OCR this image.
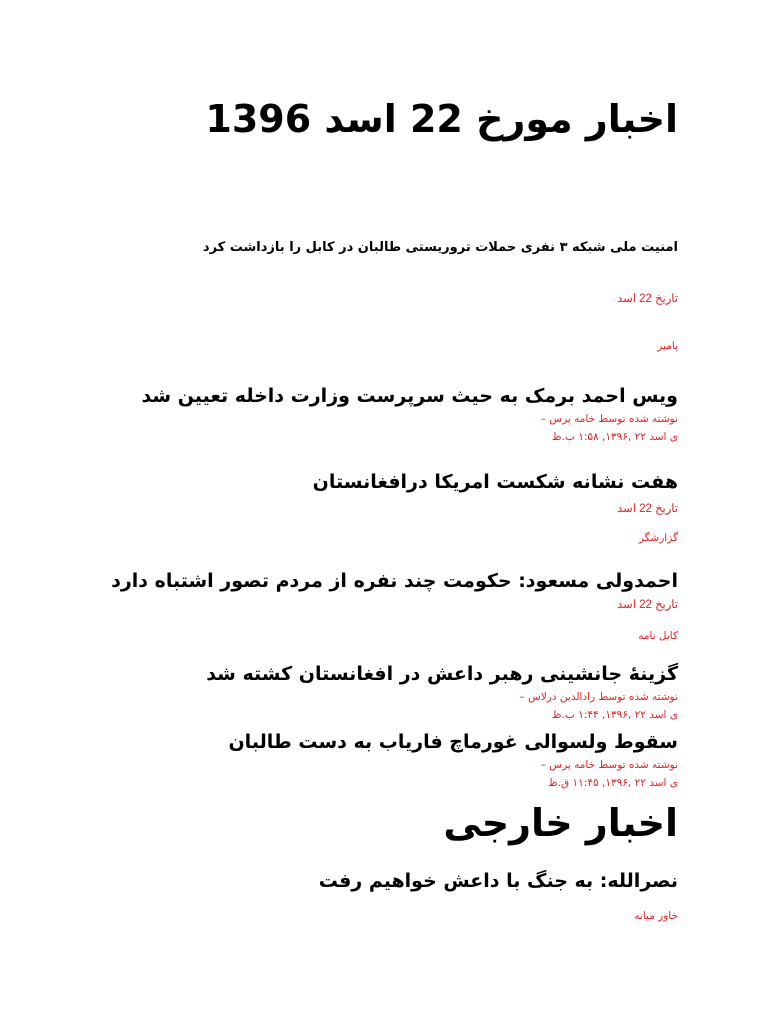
اخبار مورخ 22 اسد 1396
امنیت ملی شبکه ۳ نفری حملات تروریستی طالبان در کابل را بازداشت کرد
تاریخ 22 اسد
پامیر
ویس احمد برمک به حیث سرپرست وزارت داخله تعیین شد
نوشته شده توسط خامه پرس –
ی اسد ۲۲ ,۱۳۹۶, ۱:۵۸ ب.ظ
هفت نشانه شکست امریکا درافغانستان
تاریخ 22 اسد
گزارشگر
احمدولی مسعود: حکومت چند نفره از مردم تصور اشتباه دارد
تاریخ 22 اسد
کابل نامه
گزینهٔ جانشینی رهبر داعش در افغانستان کشته شد
نوشته شده توسط رادالدین درلاس –
ی اسد ۲۲ ,۱۳۹۶, ۱:۴۴ ب.ظ
سقوط ولسوالی غورماچ فاریاب به دست طالبان
نوشته شده توسط خامه پرس –
ی اسد ۲۲ ,۱۳۹۶, ۱۱:۴۵ ق.ظ
اخبار خارجی
نصرالله: به جنگ با داعش خواهیم رفت
خاور میانه
